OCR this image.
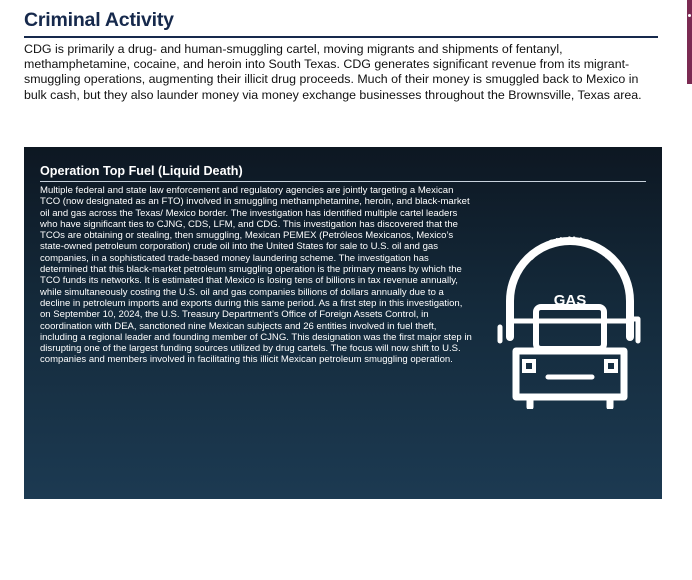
Criminal Activity

CDG is primarily a drug- and human-smuggling cartel, moving migrants and shipments of fentanyl, methamphetamine, cocaine, and heroin into South Texas. CDG generates significant revenue from its migrant-smuggling operations, augmenting their illicit drug proceeds. Much of their money is smuggled back to Mexico in bulk cash, but they also launder money via money exchange businesses throughout the Brownsville, Texas area.

Operation Top Fuel (Liquid Death)

Multiple federal and state law enforcement and regulatory agencies are jointly targeting a Mexican TCO (now designated as an FTO) involved in smuggling methamphetamine, heroin, and black-market oil and gas across the Texas/ Mexico border. The investigation has identified multiple cartel leaders who have significant ties to CJNG, CDS, LFM, and CDG. This investigation has discovered that the TCOs are obtaining or stealing, then smuggling, Mexican PEMEX (Petróleos Mexicanos, Mexico’s state-owned petroleum corporation) crude oil into the United States for sale to U.S. oil and gas companies, in a sophisticated trade-based money laundering scheme. The investigation has determined that this black-market petroleum smuggling operation is the primary means by which the TCO funds its networks. It is estimated that Mexico is losing tens of billions in tax revenue annually, while simultaneously costing the U.S. oil and gas companies billions of dollars annually due to a decline in petroleum imports and exports during this same period. As a first step in this investigation, on September 10, 2024, the U.S. Treasury Department’s Office of Foreign Assets Control, in coordination with DEA, sanctioned nine Mexican subjects and 26 entities involved in fuel theft, including a regional leader and founding member of CJNG. This designation was the first major step in disrupting one of the largest funding sources utilized by drug cartels. The focus will now shift to U.S. companies and members involved in facilitating this illicit Mexican petroleum smuggling operation.

BLACK MARKET
GAS
